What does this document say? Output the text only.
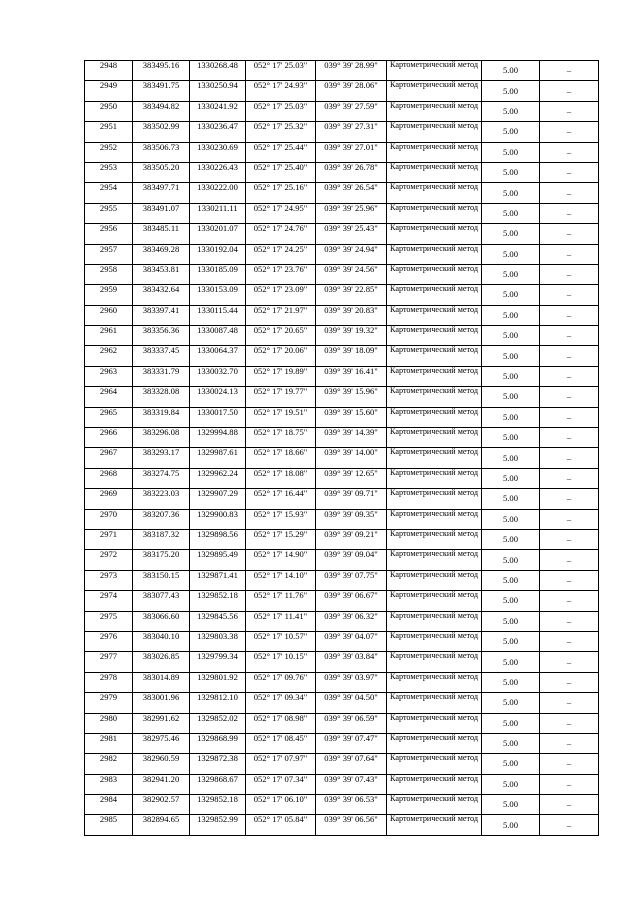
2948	383495.16	1330268.48	052° 17' 25.03"	039° 39' 28.99"	Картометрический метод	5.00	–
2949	383491.75	1330250.94	052° 17' 24.93"	039° 39' 28.06"	Картометрический метод	5.00	–
2950	383494.82	1330241.92	052° 17' 25.03"	039° 39' 27.59"	Картометрический метод	5.00	–
2951	383502.99	1330236.47	052° 17' 25.32"	039° 39' 27.31"	Картометрический метод	5.00	–
2952	383506.73	1330230.69	052° 17' 25.44"	039° 39' 27.01"	Картометрический метод	5.00	–
2953	383505.20	1330226.43	052° 17' 25.40"	039° 39' 26.78"	Картометрический метод	5.00	–
2954	383497.71	1330222.00	052° 17' 25.16"	039° 39' 26.54"	Картометрический метод	5.00	–
2955	383491.07	1330211.11	052° 17' 24.95"	039° 39' 25.96"	Картометрический метод	5.00	–
2956	383485.11	1330201.07	052° 17' 24.76"	039° 39' 25.43"	Картометрический метод	5.00	–
2957	383469.28	1330192.04	052° 17' 24.25"	039° 39' 24.94"	Картометрический метод	5.00	–
2958	383453.81	1330185.09	052° 17' 23.76"	039° 39' 24.56"	Картометрический метод	5.00	–
2959	383432.64	1330153.09	052° 17' 23.09"	039° 39' 22.85"	Картометрический метод	5.00	–
2960	383397.41	1330115.44	052° 17' 21.97"	039° 39' 20.83"	Картометрический метод	5.00	–
2961	383356.36	1330087.48	052° 17' 20.65"	039° 39' 19.32"	Картометрический метод	5.00	–
2962	383337.45	1330064.37	052° 17' 20.06"	039° 39' 18.09"	Картометрический метод	5.00	–
2963	383331.79	1330032.70	052° 17' 19.89"	039° 39' 16.41"	Картометрический метод	5.00	–
2964	383328.08	1330024.13	052° 17' 19.77"	039° 39' 15.96"	Картометрический метод	5.00	–
2965	383319.84	1330017.50	052° 17' 19.51"	039° 39' 15.60"	Картометрический метод	5.00	–
2966	383296.08	1329994.88	052° 17' 18.75"	039° 39' 14.39"	Картометрический метод	5.00	–
2967	383293.17	1329987.61	052° 17' 18.66"	039° 39' 14.00"	Картометрический метод	5.00	–
2968	383274.75	1329962.24	052° 17' 18.08"	039° 39' 12.65"	Картометрический метод	5.00	–
2969	383223.03	1329907.29	052° 17' 16.44"	039° 39' 09.71"	Картометрический метод	5.00	–
2970	383207.36	1329900.83	052° 17' 15.93"	039° 39' 09.35"	Картометрический метод	5.00	–
2971	383187.32	1329898.56	052° 17' 15.29"	039° 39' 09.21"	Картометрический метод	5.00	–
2972	383175.20	1329895.49	052° 17' 14.90"	039° 39' 09.04"	Картометрический метод	5.00	–
2973	383150.15	1329871.41	052° 17' 14.10"	039° 39' 07.75"	Картометрический метод	5.00	–
2974	383077.43	1329852.18	052° 17' 11.76"	039° 39' 06.67"	Картометрический метод	5.00	–
2975	383066.60	1329845.56	052° 17' 11.41"	039° 39' 06.32"	Картометрический метод	5.00	–
2976	383040.10	1329803.38	052° 17' 10.57"	039° 39' 04.07"	Картометрический метод	5.00	–
2977	383026.85	1329799.34	052° 17' 10.15"	039° 39' 03.84"	Картометрический метод	5.00	–
2978	383014.89	1329801.92	052° 17' 09.76"	039° 39' 03.97"	Картометрический метод	5.00	–
2979	383001.96	1329812.10	052° 17' 09.34"	039° 39' 04.50"	Картометрический метод	5.00	–
2980	382991.62	1329852.02	052° 17' 08.98"	039° 39' 06.59"	Картометрический метод	5.00	–
2981	382975.46	1329868.99	052° 17' 08.45"	039° 39' 07.47"	Картометрический метод	5.00	–
2982	382960.59	1329872.38	052° 17' 07.97"	039° 39' 07.64"	Картометрический метод	5.00	–
2983	382941.20	1329868.67	052° 17' 07.34"	039° 39' 07.43"	Картометрический метод	5.00	–
2984	382902.57	1329852.18	052° 17' 06.10"	039° 39' 06.53"	Картометрический метод	5.00	–
2985	382894.65	1329852.99	052° 17' 05.84"	039° 39' 06.56"	Картометрический метод	5.00	–
